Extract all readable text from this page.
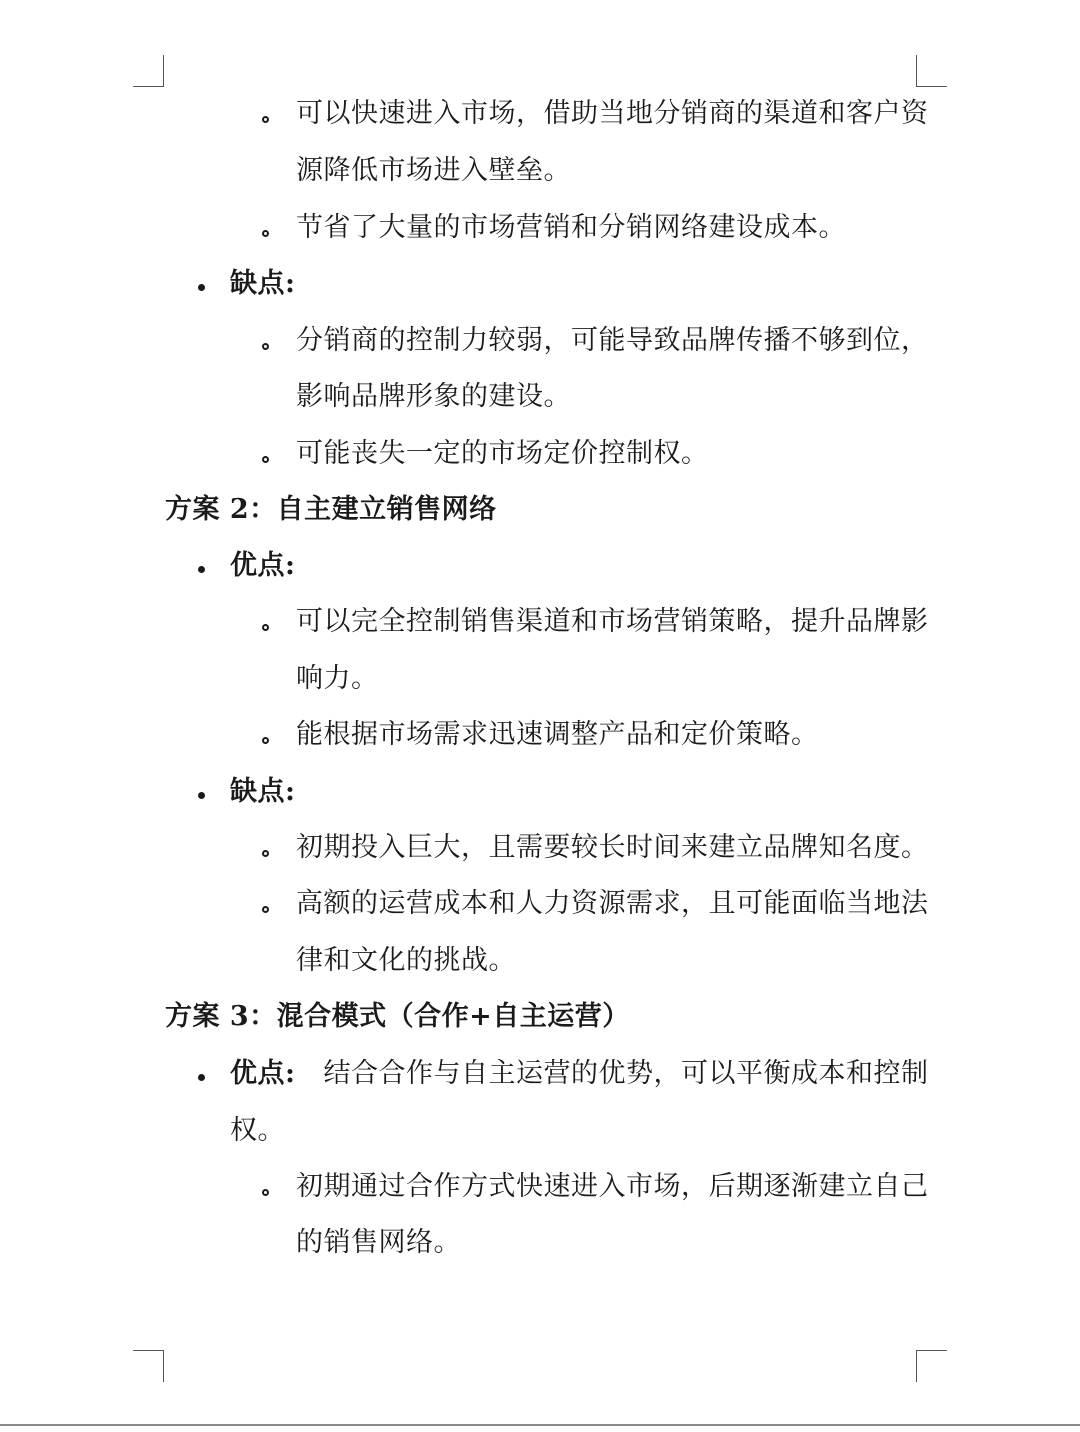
可以快速进入市场，借助当地分销商的渠道和客户资
源降低市场进入壁垒。
节省了大量的市场营销和分销网络建设成本。
缺点:
分销商的控制力较弱，可能导致品牌传播不够到位，
影响品牌形象的建设。
可能丧失一定的市场定价控制权。
方案 2：自主建立销售网络
优点:
可以完全控制销售渠道和市场营销策略，提升品牌影
响力。
能根据市场需求迅速调整产品和定价策略。
缺点:
初期投入巨大，且需要较长时间来建立品牌知名度。
高额的运营成本和人力资源需求，且可能面临当地法
律和文化的挑战。
方案 3：混合模式（合作+自主运营）
优点: 结合合作与自主运营的优势，可以平衡成本和控制
权。
初期通过合作方式快速进入市场，后期逐渐建立自己
的销售网络。
